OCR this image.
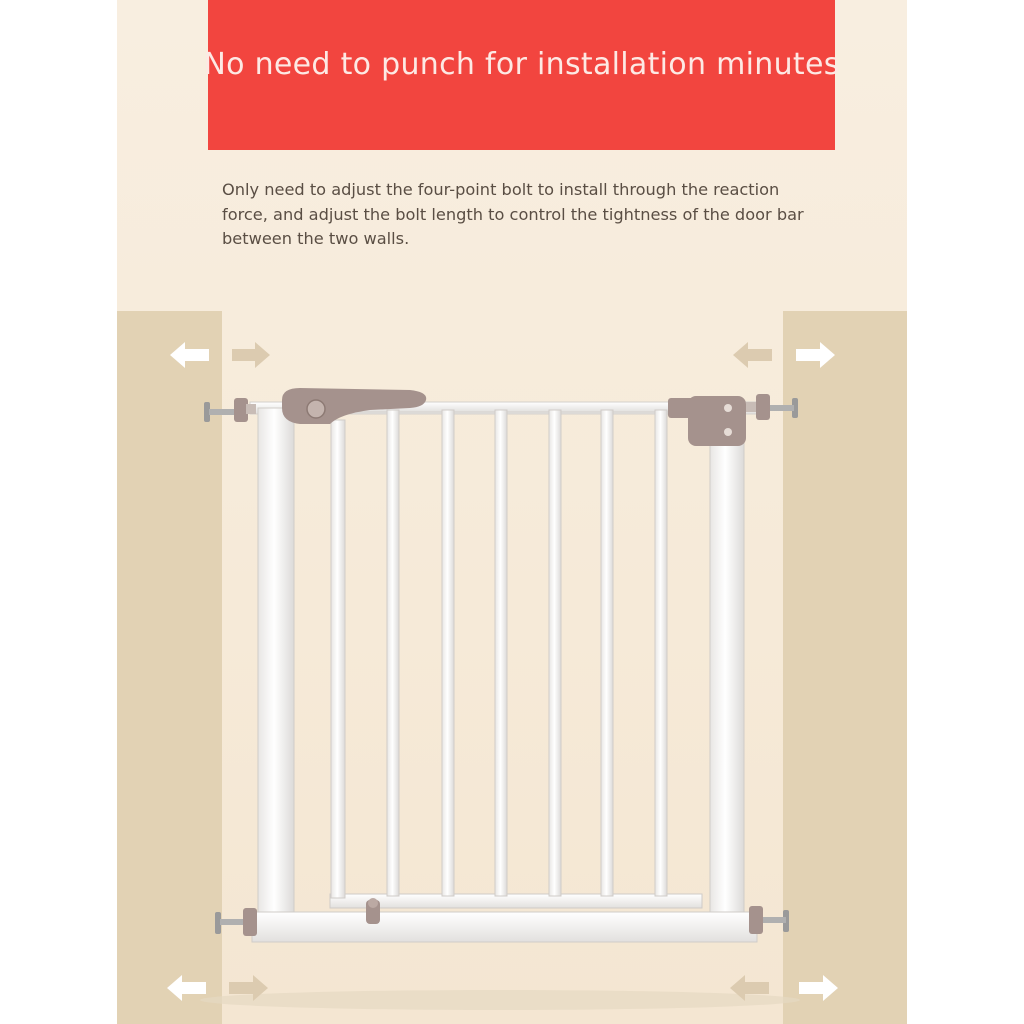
No need to punch for installation minutes
Only need to adjust the four-point bolt to install through the reaction force, and adjust the bolt length to control the tightness of the door bar between the two walls.
